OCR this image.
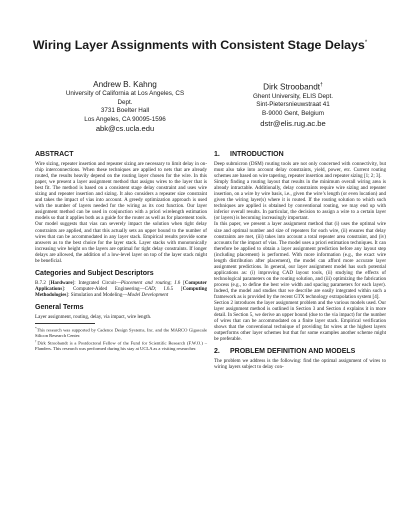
Wiring Layer Assignments with Consistent Stage Delays*
Andrew B. Kahng
University of California at Los Angeles, CS Dept.
3731 Boelter Hall
Los Angeles, CA 90095-1596
abk@cs.ucla.edu
Dirk Stroobandt†
Ghent University, ELIS Dept.
Sint-Pietersnieuwstraat 41
B-9000 Gent, Belgium
dstr@elis.rug.ac.be
ABSTRACT

Wire sizing, repeater insertion and repeater sizing are necessary to limit delay in on-chip interconnections. When these techniques are applied to nets that are already routed, the results heavily depend on the routing layer chosen for the wire. In this paper, we present a layer assignment method that assigns wires to the layer that is best fit. The method is based on a consistent stage delay constraint and uses wire sizing and repeater insertion and sizing. It also considers a repeater size constraint and takes the impact of vias into account. A greedy optimization approach is used with the number of layers needed for the wiring as its cost function. Our layer assignment method can be used in conjunction with a priori wirelength estimation models so that it applies both as a guide for the router as well as for placement tools. Our model suggests that vias can severely impact the solution when tight delay constraints are applied, and that this actually sets an upper bound to the number of wires that can be accommodated in any layer stack. Empirical results provide some answers as to the best choice for the layer stack. Layer stacks with monotonically increasing wire height on the layers are optimal for tight delay constraints. If longer delays are allowed, the addition of a low-level layer on top of the layer stack might be beneficial.

Categories and Subject Descriptors

B.7.2 [Hardware]: Integrated Circuit—Placement and routing; J.6 [Computer Applications]: Computer-Aided Engineering—CAD; I.6.5 [Computing Methodologies]: Simulation and Modeling—Model Development

General Terms

Layer assignment, routing, delay, via impact, wire length.

*This research was supported by Cadence Design Systems, Inc. and the MARCO Gigascale Silicon Research Center.

†Dirk Stroobandt is a Postdoctoral Fellow of the Fund for Scientific Research (F.W.O.) – Flanders. This research was performed during his stay at UCLA as a visiting researcher.

1. INTRODUCTION

Deep submicron (DSM) routing tools are not only concerned with connectivity, but must also take into account delay constraints, yield, power, etc. Current routing schemes are based on wire tapering, repeater insertion and repeater sizing [1; 2; 3].

Simply finding a routing layout that results in the minimum overall wiring area is already intractable. Additionally, delay constraints require wire sizing and repeater insertion, on a wire by wire basis, i.e., given the wire’s length (or even location) and given the wiring layer(s) where it is routed. If the routing solution to which such techniques are applied is obtained by conventional routing, we may end up with inferior overall results. In particular, the decision to assign a wire to a certain layer (or layers) is becoming increasingly important.

In this paper, we present a layer assignment method that (i) uses the optimal wire size and optimal number and size of repeaters for each wire, (ii) ensures that delay constraints are met, (iii) takes into account a total repeater area constraint, and (iv) accounts for the impact of vias. The model uses a priori estimation techniques. It can therefore be applied to obtain a layer assignment prediction before any layout step (including placement) is performed. With more information (e.g., the exact wire length distribution after placement), the model can afford more accurate layer assignment predictions. In general, our layer assignment model has such potential applications as: (i) improving CAD layout tools, (ii) studying the effects of technological parameters on the routing solution, and (iii) optimizing the fabrication process (e.g., to define the best wire width and spacing parameters for each layer). Indeed, the model and studies that we describe are easily integrated within such a framework as is provided by the recent GTX technology extrapolation system [4].

Section 2 introduces the layer assignment problem and the various models used. Our layer assignment method is outlined in Section 3 and Section 4 explains it in more detail. In Section 5, we derive an upper bound (due to the via impact) for the number of wires that can be accommodated on a finite layer stack. Empirical verification shows that the conventional technique of providing fat wires at the highest layers outperforms other layer schemes but that for some examples another scheme might be preferable.

2. PROBLEM DEFINITION AND MODELS

The problem we address is the following: find the optimal assignment of wires to wiring layers subject to delay con-
